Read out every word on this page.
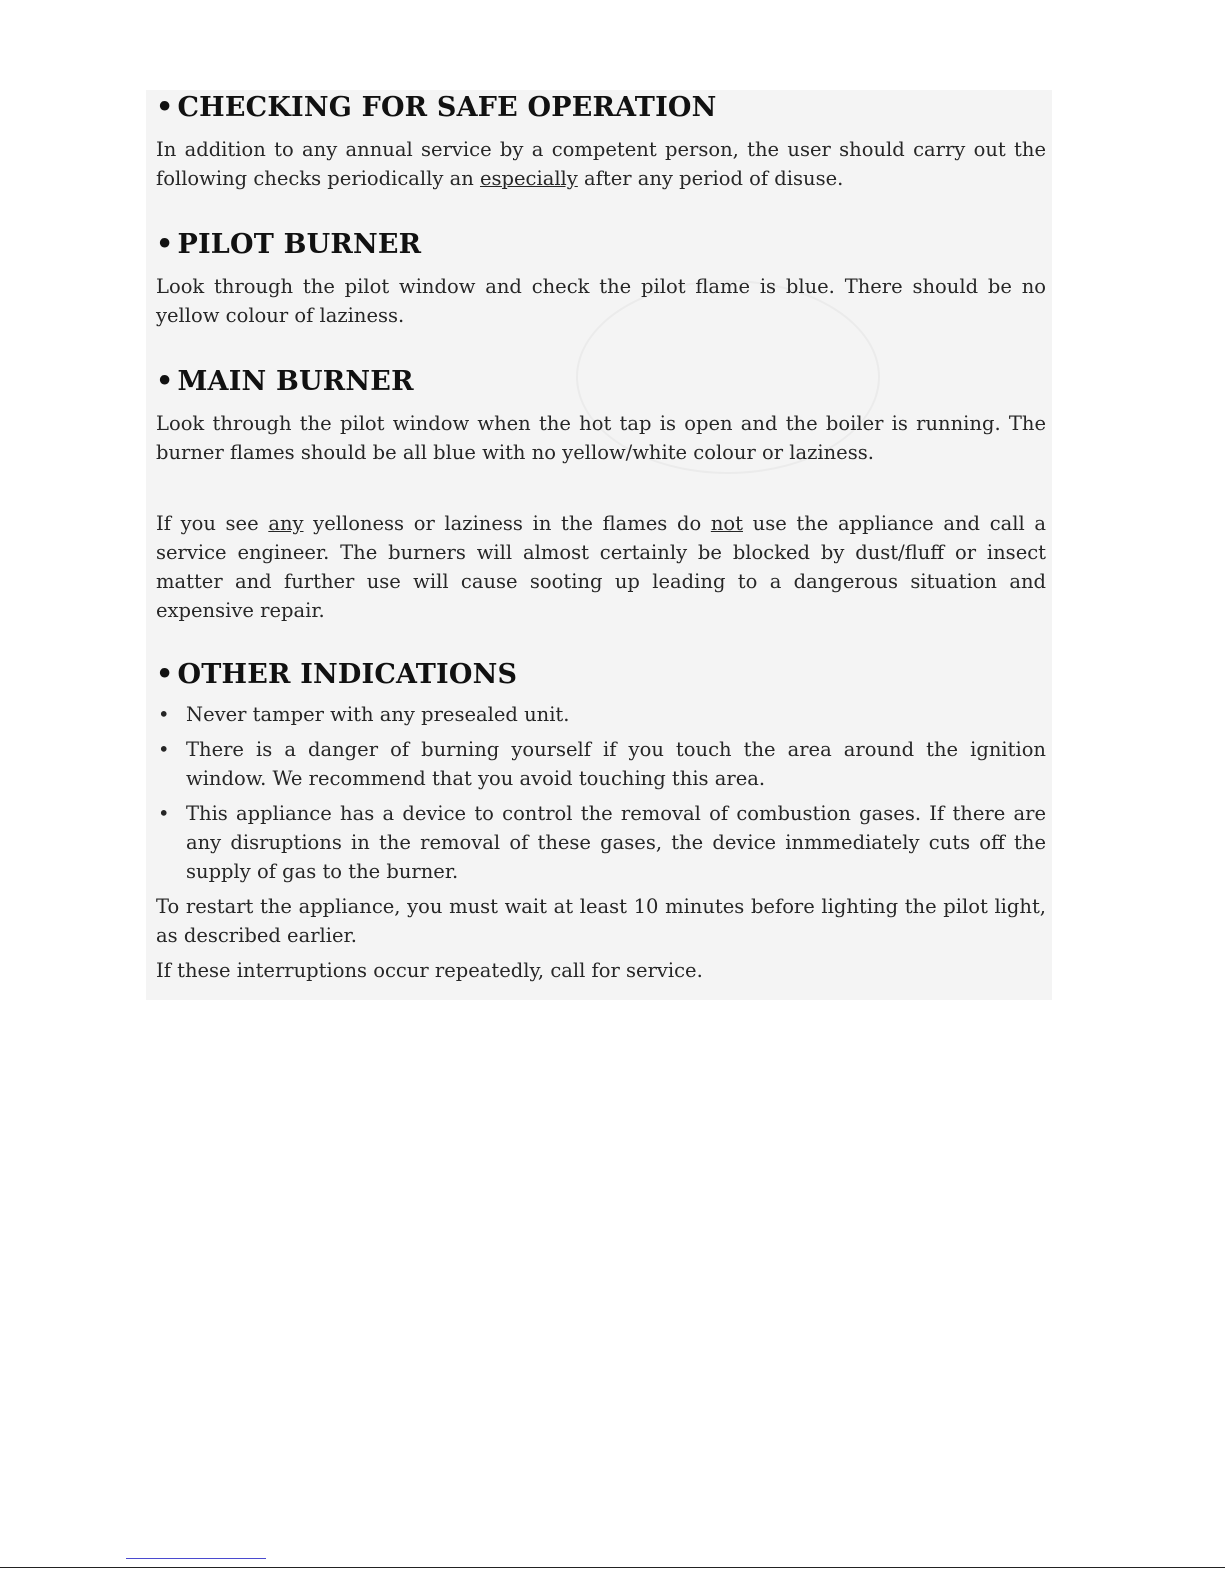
• CHECKING FOR SAFE OPERATION

In addition to any annual service by a competent person, the user should carry out the following checks periodically an especially after any period of disuse.

• PILOT BURNER

Look through the pilot window and check the pilot flame is blue. There should be no yellow colour of laziness.

• MAIN BURNER

Look through the pilot window when the hot tap is open and the boiler is running. The burner flames should be all blue with no yellow/white colour or laziness.

If you see any yelloness or laziness in the flames do not use the appliance and call a service engineer. The burners will almost certainly be blocked by dust/fluff or insect matter and further use will cause sooting up leading to a dangerous situation and expensive repair.

• OTHER INDICATIONS
• Never tamper with any presealed unit.
• There is a danger of burning yourself if you touch the area around the ignition window. We recommend that you avoid touching this area.
• This appliance has a device to control the removal of combustion gases. If there are any disruptions in the removal of these gases, the device inmmediately cuts off the supply of gas to the burner.

To restart the appliance, you must wait at least 10 minutes before lighting the pilot light, as described earlier.

If these interruptions occur repeatedly, call for service.
